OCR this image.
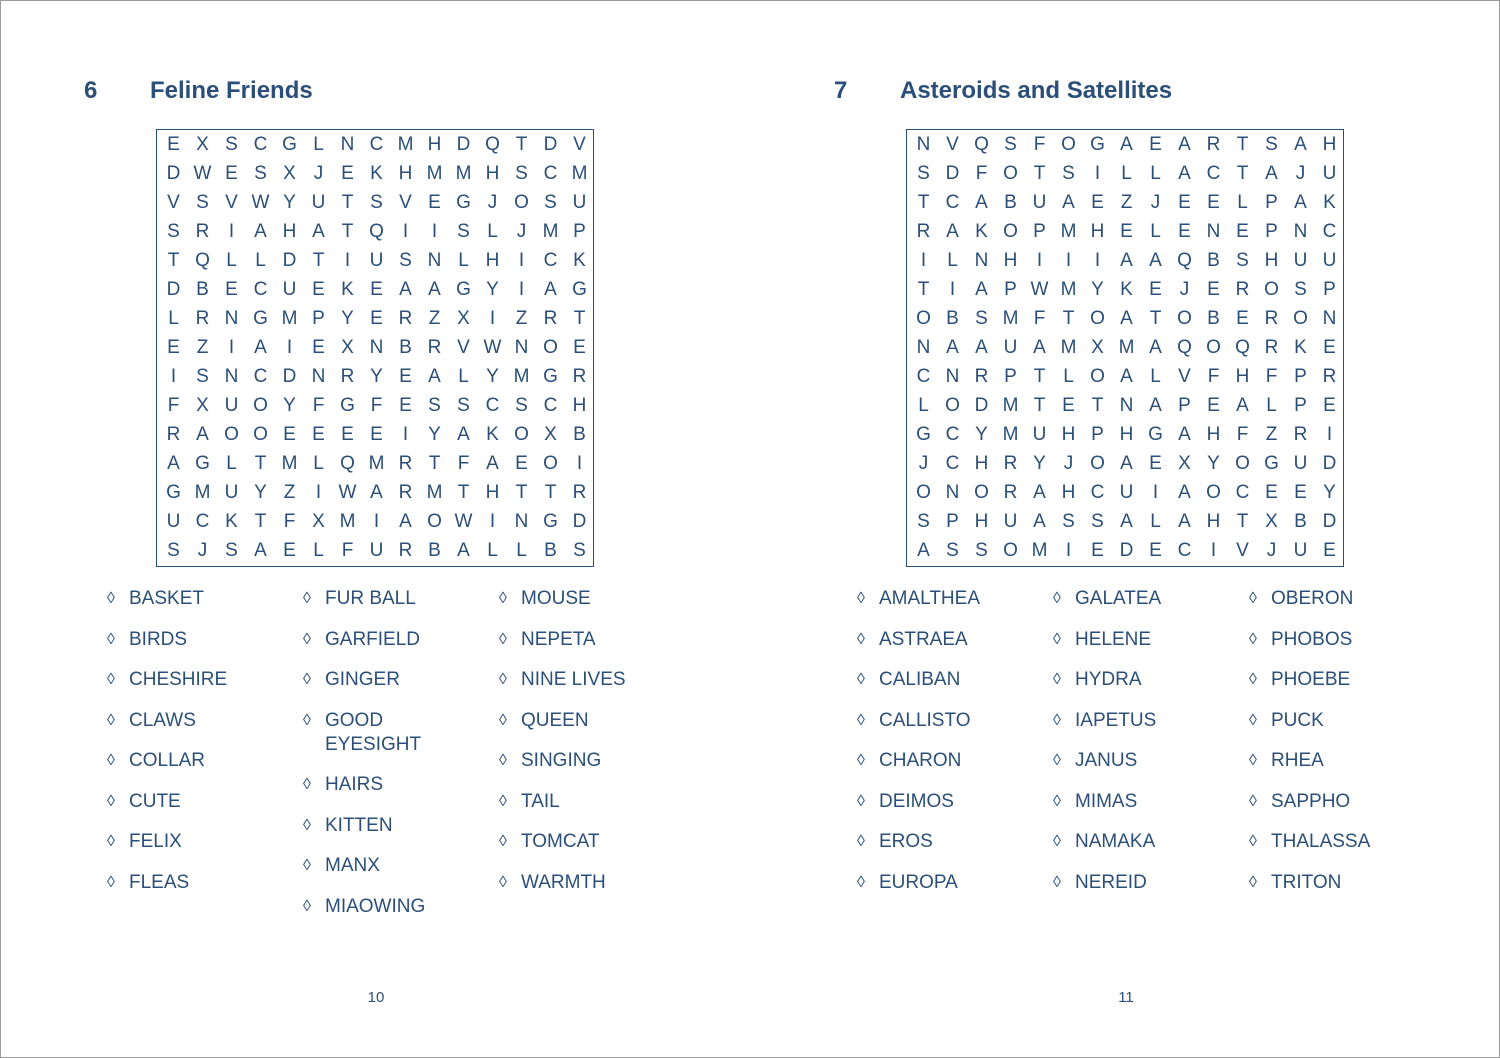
6 Feline Friends
E X S C G L N C M H D Q T D V
D W E S X J E K H M M H S C M
V S V W Y U T S V E G J O S U
S R	I	A H A T Q I	I	S L J M P
T Q L L D T	I	U S N L H	I	C K
D B E C U E K E A A G Y	I	A G
L R N G M P Y E R Z X	I	Z R T
E Z	I	A	I	E X N B R V W N O E
I	S N C D N R Y E A L Y M G R
F X U O Y F G F E S S C S C H
R A O O E E E E	I	Y A K O X B
A G L T M L Q M R T F A E O I
G M U Y Z	I W A R M T H T T R
U C K T F X M I	A O W I	N G D
S J S A E L F U R B A L L B S
◊ BASKET
◊ BIRDS
◊ CHESHIRE
◊ CLAWS
◊ COLLAR
◊ CUTE
◊ FELIX
◊ FLEAS
◊ FUR BALL
◊ GARFIELD
◊ GINGER
◊ GOOD
EYESIGHT
◊ HAIRS
◊ KITTEN
◊ MANX
◊ MIAOWING
◊ MOUSE
◊ NEPETA
◊ NINE LIVES
◊ QUEEN
◊ SINGING
◊ TAIL
◊ TOMCAT
◊ WARMTH
10
7 Asteroids and Satellites
N V Q S F O G A E A R T S A H
S D F O T S	I	L L A C T A J U
T C A B U A E Z J E E L P A K
R A K O P M H E L E N E P N C
I	L N H	I	I	I	A A Q B S H U U
T	I	A P W M Y K E J E R O S P
O B S M F T O A T O B E R O N
N A A U A M X M A Q O Q R K E
C N R P T L O A L V F H F P R
L O D M T E T N A P E A L P E
G C Y M U H P H G A H F Z R	I
J C H R Y J O A E X Y O G U D
O N O R A H C U	I	A O C E E Y
S P H U A S S A L A H T X B D
A S S O M I	E D E C	I	V J U E
◊ AMALTHEA
◊ ASTRAEA
◊ CALIBAN
◊ CALLISTO
◊ CHARON
◊ DEIMOS
◊ EROS
◊ EUROPA
◊ GALATEA
◊ HELENE
◊ HYDRA
◊ IAPETUS
◊ JANUS
◊ MIMAS
◊ NAMAKA
◊ NEREID
◊ OBERON
◊ PHOBOS
◊ PHOEBE
◊ PUCK
◊ RHEA
◊ SAPPHO
◊ THALASSA
◊ TRITON
11
